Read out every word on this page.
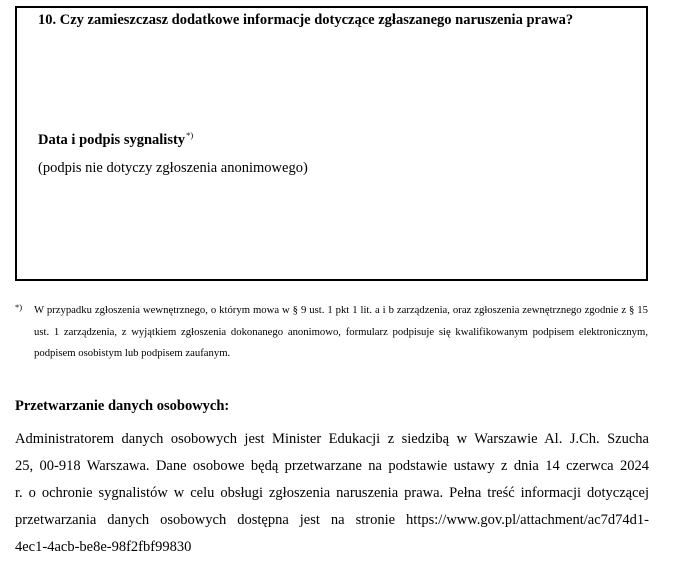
10. Czy zamieszczasz dodatkowe informacje dotyczące zgłaszanego naruszenia prawa?
Data i podpis sygnalisty*)
(podpis nie dotyczy zgłoszenia anonimowego)
*) W przypadku zgłoszenia wewnętrznego, o którym mowa w § 9 ust. 1 pkt 1 lit. a i b zarządzenia, oraz zgłoszenia zewnętrznego zgodnie z § 15 ust. 1 zarządzenia, z wyjątkiem zgłoszenia dokonanego anonimowo, formularz podpisuje się kwalifikowanym podpisem elektronicznym, podpisem osobistym lub podpisem zaufanym.
Przetwarzanie danych osobowych:
Administratorem danych osobowych jest Minister Edukacji z siedzibą w Warszawie Al. J.Ch. Szucha
25, 00-918 Warszawa. Dane osobowe będą przetwarzane na podstawie ustawy z dnia 14 czerwca 2024
r. o ochronie sygnalistów w celu obsługi zgłoszenia naruszenia prawa. Pełna treść informacji dotyczącej
przetwarzania danych osobowych dostępna jest na stronie https://www.gov.pl/attachment/ac7d74d1-
4ec1-4acb-be8e-98f2fbf99830
